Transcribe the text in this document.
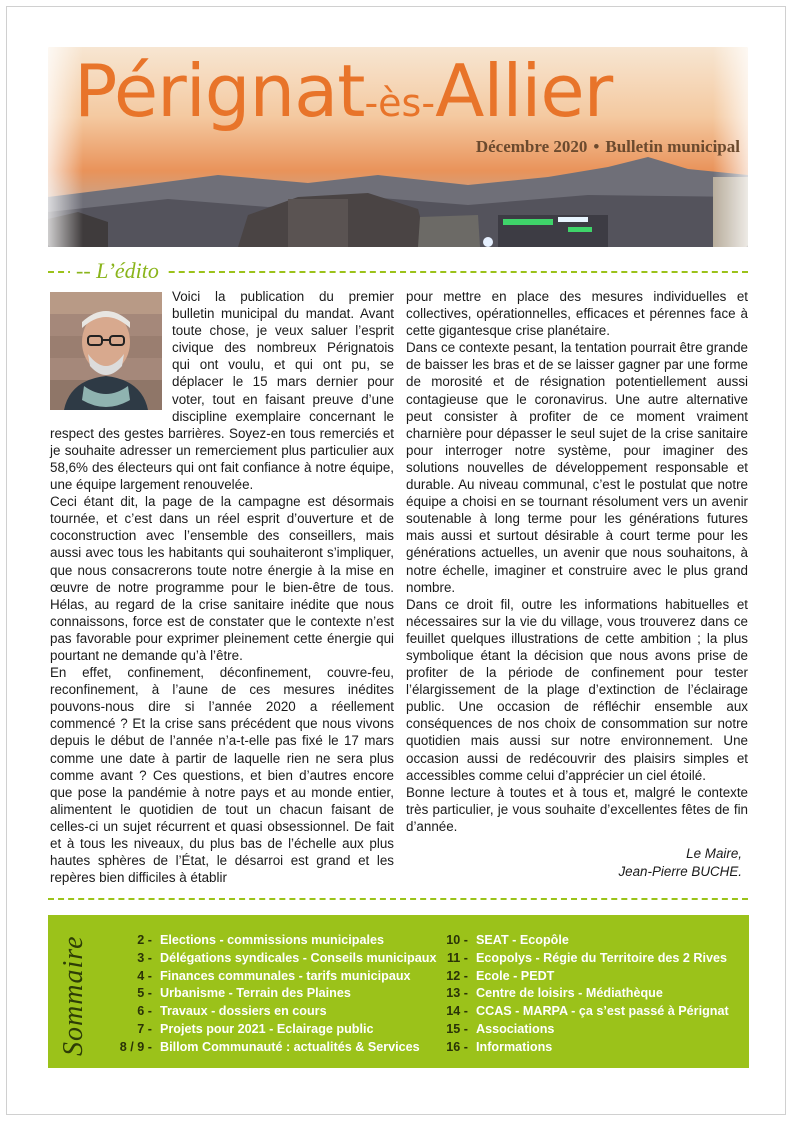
Pérignat-ès-Allier
Décembre 2020 • Bulletin municipal
-- L’édito

Voici la publication du premier bulletin municipal du mandat. Avant toute chose, je veux saluer l’esprit civique des nombreux Pérignatois qui ont voulu, et qui ont pu, se déplacer le 15 mars dernier pour voter, tout en faisant preuve d’une discipline exemplaire concernant le respect des gestes barrières. Soyez-en tous remerciés et je souhaite adresser un remerciement plus particulier aux 58,6% des électeurs qui ont fait confiance à notre équipe, une équipe largement renouvelée.

Ceci étant dit, la page de la campagne est désormais tournée, et c’est dans un réel esprit d’ouverture et de coconstruction avec l’ensemble des conseillers, mais aussi avec tous les habitants qui souhaiteront s’impliquer, que nous consacrerons toute notre énergie à la mise en œuvre de notre programme pour le bien-être de tous. Hélas, au regard de la crise sanitaire inédite que nous connaissons, force est de constater que le contexte n’est pas favorable pour exprimer pleinement cette énergie qui pourtant ne demande qu’à l’être.

En effet, confinement, déconfinement, couvre-feu, reconfinement, à l’aune de ces mesures inédites pouvons-nous dire si l’année 2020 a réellement commencé ? Et la crise sans précédent que nous vivons depuis le début de l’année n’a-t-elle pas fixé le 17 mars comme une date à partir de laquelle rien ne sera plus comme avant ? Ces questions, et bien d’autres encore que pose la pandémie à notre pays et au monde entier, alimentent le quotidien de tout un chacun faisant de celles-ci un sujet récurrent et quasi obsessionnel. De fait et à tous les niveaux, du plus bas de l’échelle aux plus hautes sphères de l’État, le désarroi est grand et les repères bien difficiles à établir

pour mettre en place des mesures individuelles et collectives, opérationnelles, efficaces et pérennes face à cette gigantesque crise planétaire.

Dans ce contexte pesant, la tentation pourrait être grande de baisser les bras et de se laisser gagner par une forme de morosité et de résignation potentiellement aussi contagieuse que le coronavirus. Une autre alternative peut consister à profiter de ce moment vraiment charnière pour dépasser le seul sujet de la crise sanitaire pour interroger notre système, pour imaginer des solutions nouvelles de développement responsable et durable. Au niveau communal, c’est le postulat que notre équipe a choisi en se tournant résolument vers un avenir soutenable à long terme pour les générations futures mais aussi et surtout désirable à court terme pour les générations actuelles, un avenir que nous souhaitons, à notre échelle, imaginer et construire avec le plus grand nombre.

Dans ce droit fil, outre les informations habituelles et nécessaires sur la vie du village, vous trouverez dans ce feuillet quelques illustrations de cette ambition ; la plus symbolique étant la décision que nous avons prise de profiter de la période de confinement pour tester l’élargissement de la plage d’extinction de l’éclairage public. Une occasion de réfléchir ensemble aux conséquences de nos choix de consommation sur notre quotidien mais aussi sur notre environnement. Une occasion aussi de redécouvrir des plaisirs simples et accessibles comme celui d’apprécier un ciel étoilé.

Bonne lecture à toutes et à tous et, malgré le contexte très particulier, je vous souhaite d’excellentes fêtes de fin d’année.

Le Maire,
Jean-Pierre BUCHE.

Sommaire	2 - Elections - commissions municipales
3 - Délégations syndicales - Conseils municipaux
4 - Finances communales - tarifs municipaux
5 - Urbanisme - Terrain des Plaines
6 - Travaux - dossiers en cours
7 - Projets pour 2021 - Eclairage public
8 / 9 - Billom Communauté : actualités & Services
10 - SEAT - Ecopôle
11 - Ecopolys - Régie du Territoire des 2 Rives
12 - Ecole - PEDT
13 - Centre de loisirs - Médiathèque
14 - CCAS - MARPA - ça s’est passé à Pérignat
15 - Associations
16 - Informations
